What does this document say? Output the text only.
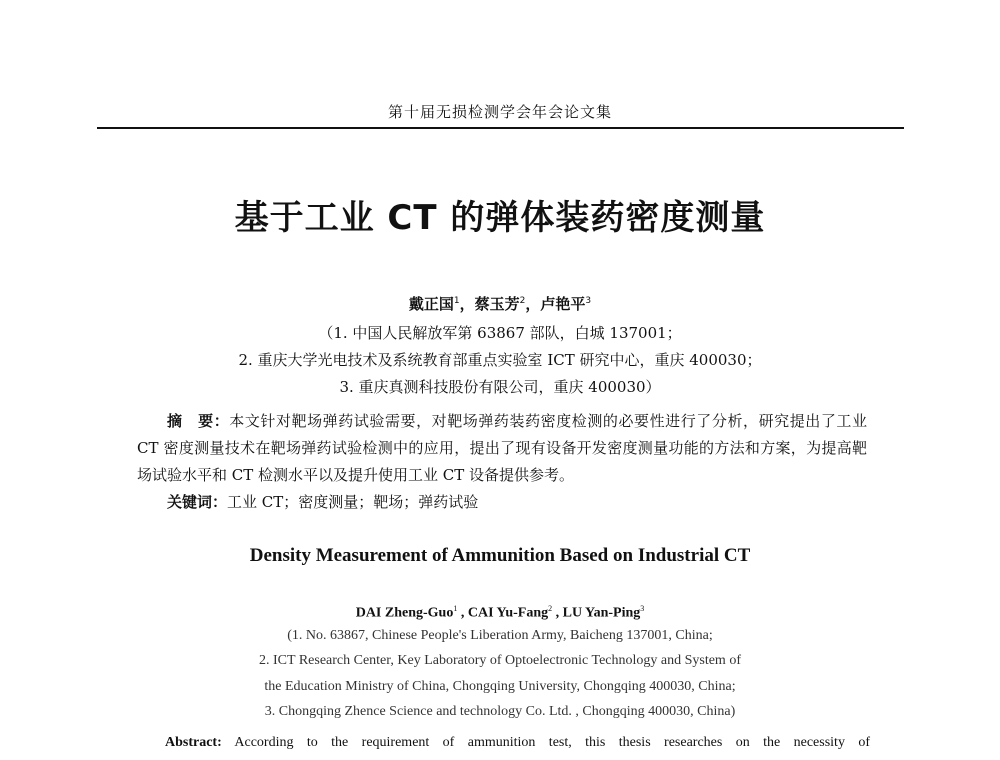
第十届无损检测学会年会论文集
基于工业 CT 的弹体装药密度测量
戴正国$^1$，蔡玉芳$^2$，卢艳平$^3$
（1. 中国人民解放军第 63867 部队，白城 137001；
2. 重庆大学光电技术及系统教育部重点实验室 ICT 研究中心，重庆 400030；
3. 重庆真测科技股份有限公司，重庆 400030）
摘　要：本文针对靶场弹药试验需要，对靶场弹药装药密度检测的必要性进行了分析，研究提出了工业 CT 密度测量技术在靶场弹药试验检测中的应用，提出了现有设备开发密度测量功能的方法和方案，为提高靶场试验水平和 CT 检测水平以及提升使用工业 CT 设备提供参考。
关键词：工业 CT；密度测量；靶场；弹药试验
Density Measurement of Ammunition Based on Industrial CT
DAI Zheng-Guo$^1$ , CAI Yu-Fang$^2$ , LU Yan-Ping$^3$
(1. No. 63867, Chinese People's Liberation Army, Baicheng 137001, China;
2. ICT Research Center, Key Laboratory of Optoelectronic Technology and System of
the Education Ministry of China, Chongqing University, Chongqing 400030, China;
3. Chongqing Zhence Science and technology Co. Ltd. , Chongqing 400030, China)
Abstract: According to the requirement of ammunition test, this thesis researches on the necessity of
